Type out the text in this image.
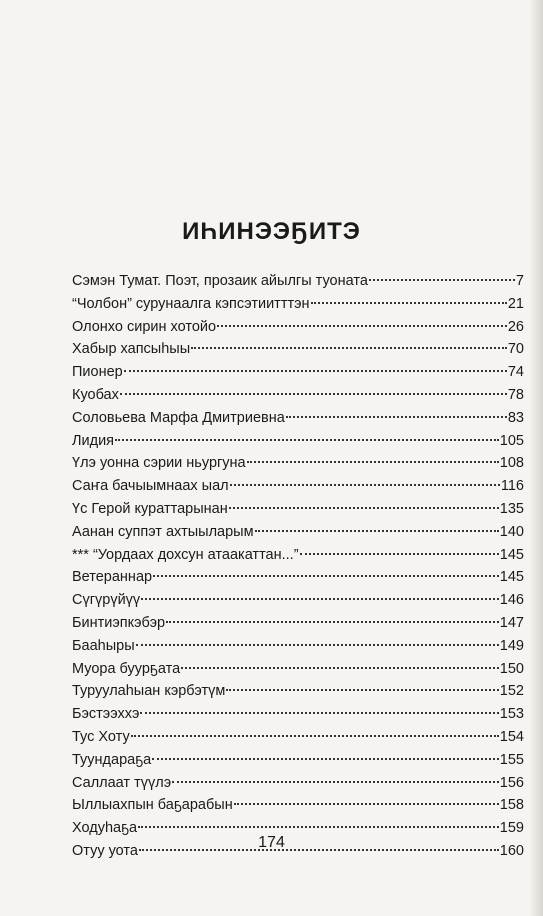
ИҺИНЭЭҔИТЭ
Сэмэн Тумат. Поэт, прозаик айылгы туоната	7
“Чолбон” сурунаалга кэпсэтиитттэн	21
Олонхо сирин хотойо	26
Хабыр хапсыһыы	70
Пионер	74
Куобах	78
Соловьева Марфа Дмитриевна	83
Лидия	105
Үлэ уонна сэрии ньургуна	108
Саҥа бачыымнаах ыал	116
Үс Герой кураттарынан	135
Аанан суппэт ахтыыларым	140
*** “Уордаах дохсун атаакаттан...”	145
Ветераннар	145
Сүгүрүйүү	146
Бинтиэпкэбэр	147
Бааһыры	149
Муора буурҕата	150
Туруулаһыан кэрбэтүм	152
Бэстээххэ	153
Тус Хоту	154
Туундараҕа	155
Саллаат түүлэ	156
Ыллыахпын баҕарабын	158
Ходуһаҕа	159
Отуу уота	160
174
